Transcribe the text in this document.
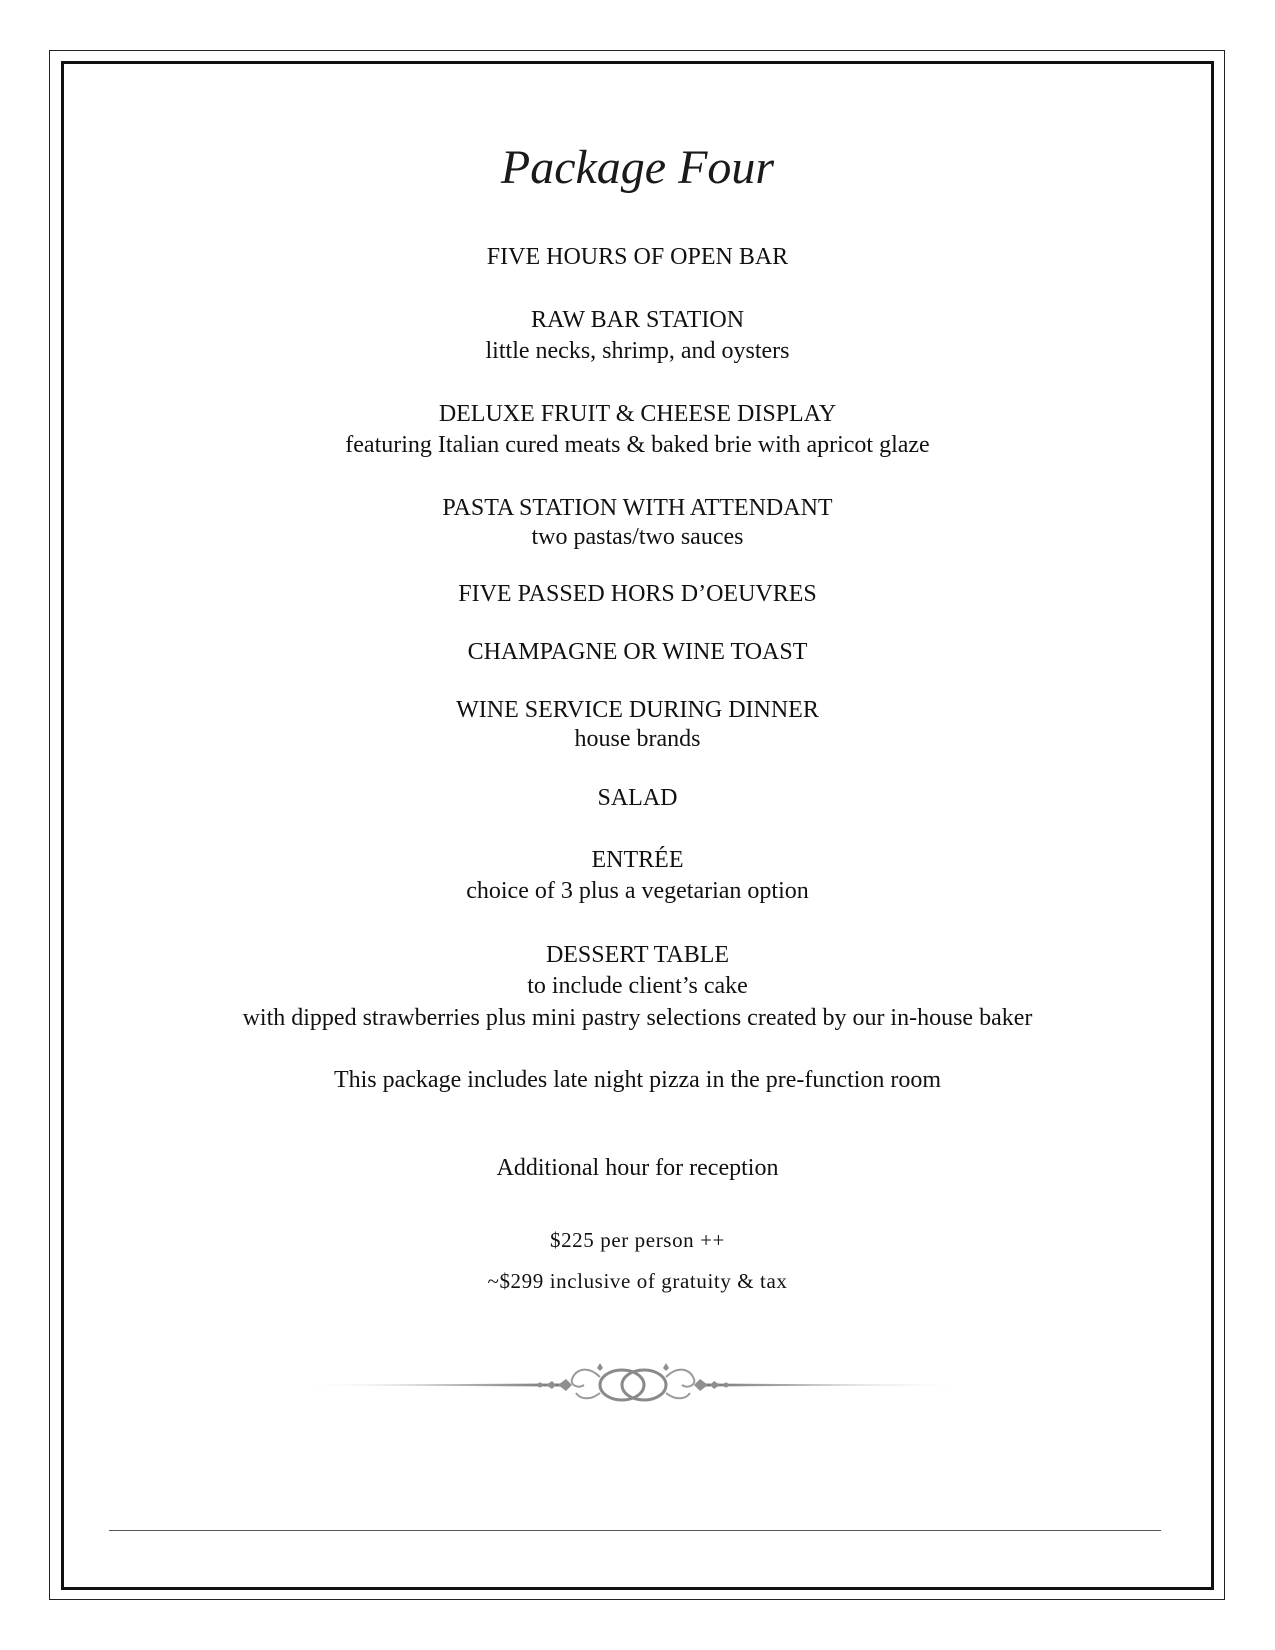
Package Four
FIVE HOURS OF OPEN BAR
RAW BAR STATION
little necks, shrimp, and oysters
DELUXE FRUIT & CHEESE DISPLAY
featuring Italian cured meats & baked brie with apricot glaze
PASTA STATION WITH ATTENDANT
two pastas/two sauces
FIVE PASSED HORS D’OEUVRES
CHAMPAGNE OR WINE TOAST
WINE SERVICE DURING DINNER
house brands
SALAD
ENTRÉE
choice of 3 plus a vegetarian option
DESSERT TABLE
to include client’s cake
with dipped strawberries plus mini pastry selections created by our in-house baker
This package includes late night pizza in the pre-function room
Additional hour for reception
$225 per person ++
~$299 inclusive of gratuity & tax
